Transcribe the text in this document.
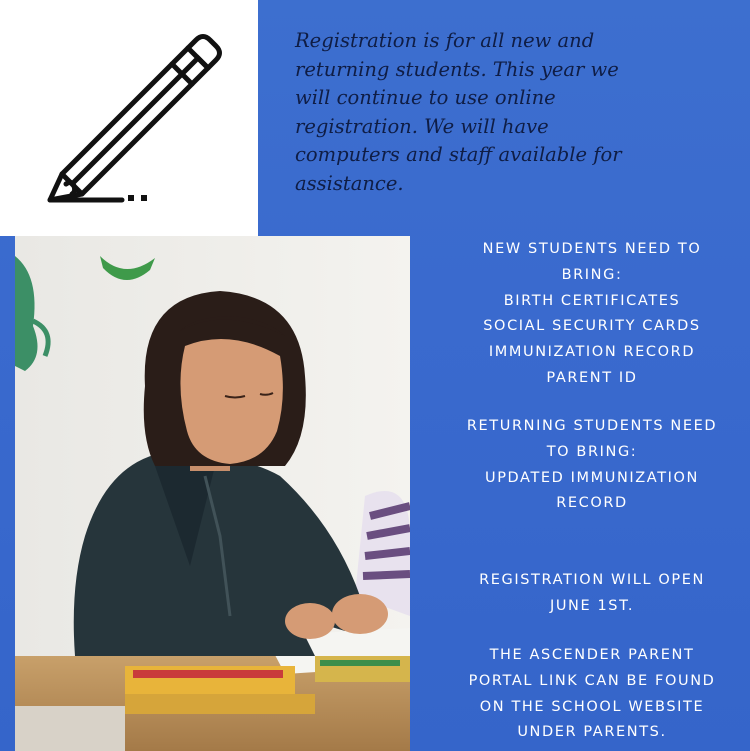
Registration is for all new and
returning students. This year we
will continue to use online
registration. We will have
computers and staff available for
assistance.
NEW STUDENTS NEED TO
BRING:
BIRTH CERTIFICATES
SOCIAL SECURITY CARDS
IMMUNIZATION RECORD
PARENT ID
RETURNING STUDENTS NEED
TO BRING:
UPDATED IMMUNIZATION
RECORD
REGISTRATION WILL OPEN
JUNE 1ST.
THE ASCENDER PARENT
PORTAL LINK CAN BE FOUND
ON THE SCHOOL WEBSITE
UNDER PARENTS.
